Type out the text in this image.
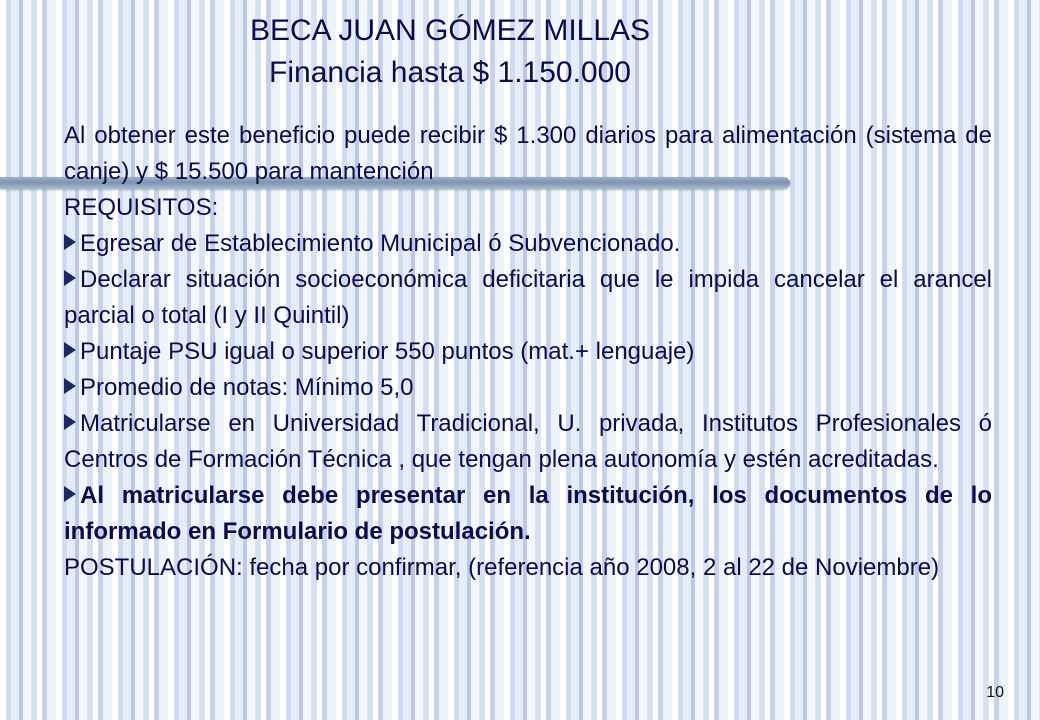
BECA JUAN GÓMEZ MILLAS
Financia hasta $ 1.150.000

Al obtener este beneficio puede recibir $ 1.300 diarios para alimentación (sistema de canje) y $ 15.500 para mantención

REQUISITOS:

Egresar de Establecimiento Municipal ó Subvencionado.

Declarar situación socioeconómica deficitaria que le impida cancelar el arancel parcial o total (I y II Quintil)

Puntaje PSU igual o superior 550 puntos (mat.+ lenguaje)

Promedio de notas: Mínimo 5,0

Matricularse en Universidad Tradicional, U. privada, Institutos Profesionales ó Centros de Formación Técnica , que tengan plena autonomía y estén acreditadas.

Al matricularse debe presentar en la institución, los documentos de lo informado en Formulario de postulación.

POSTULACIÓN: fecha por confirmar, (referencia año 2008, 2 al 22 de Noviembre)

10
